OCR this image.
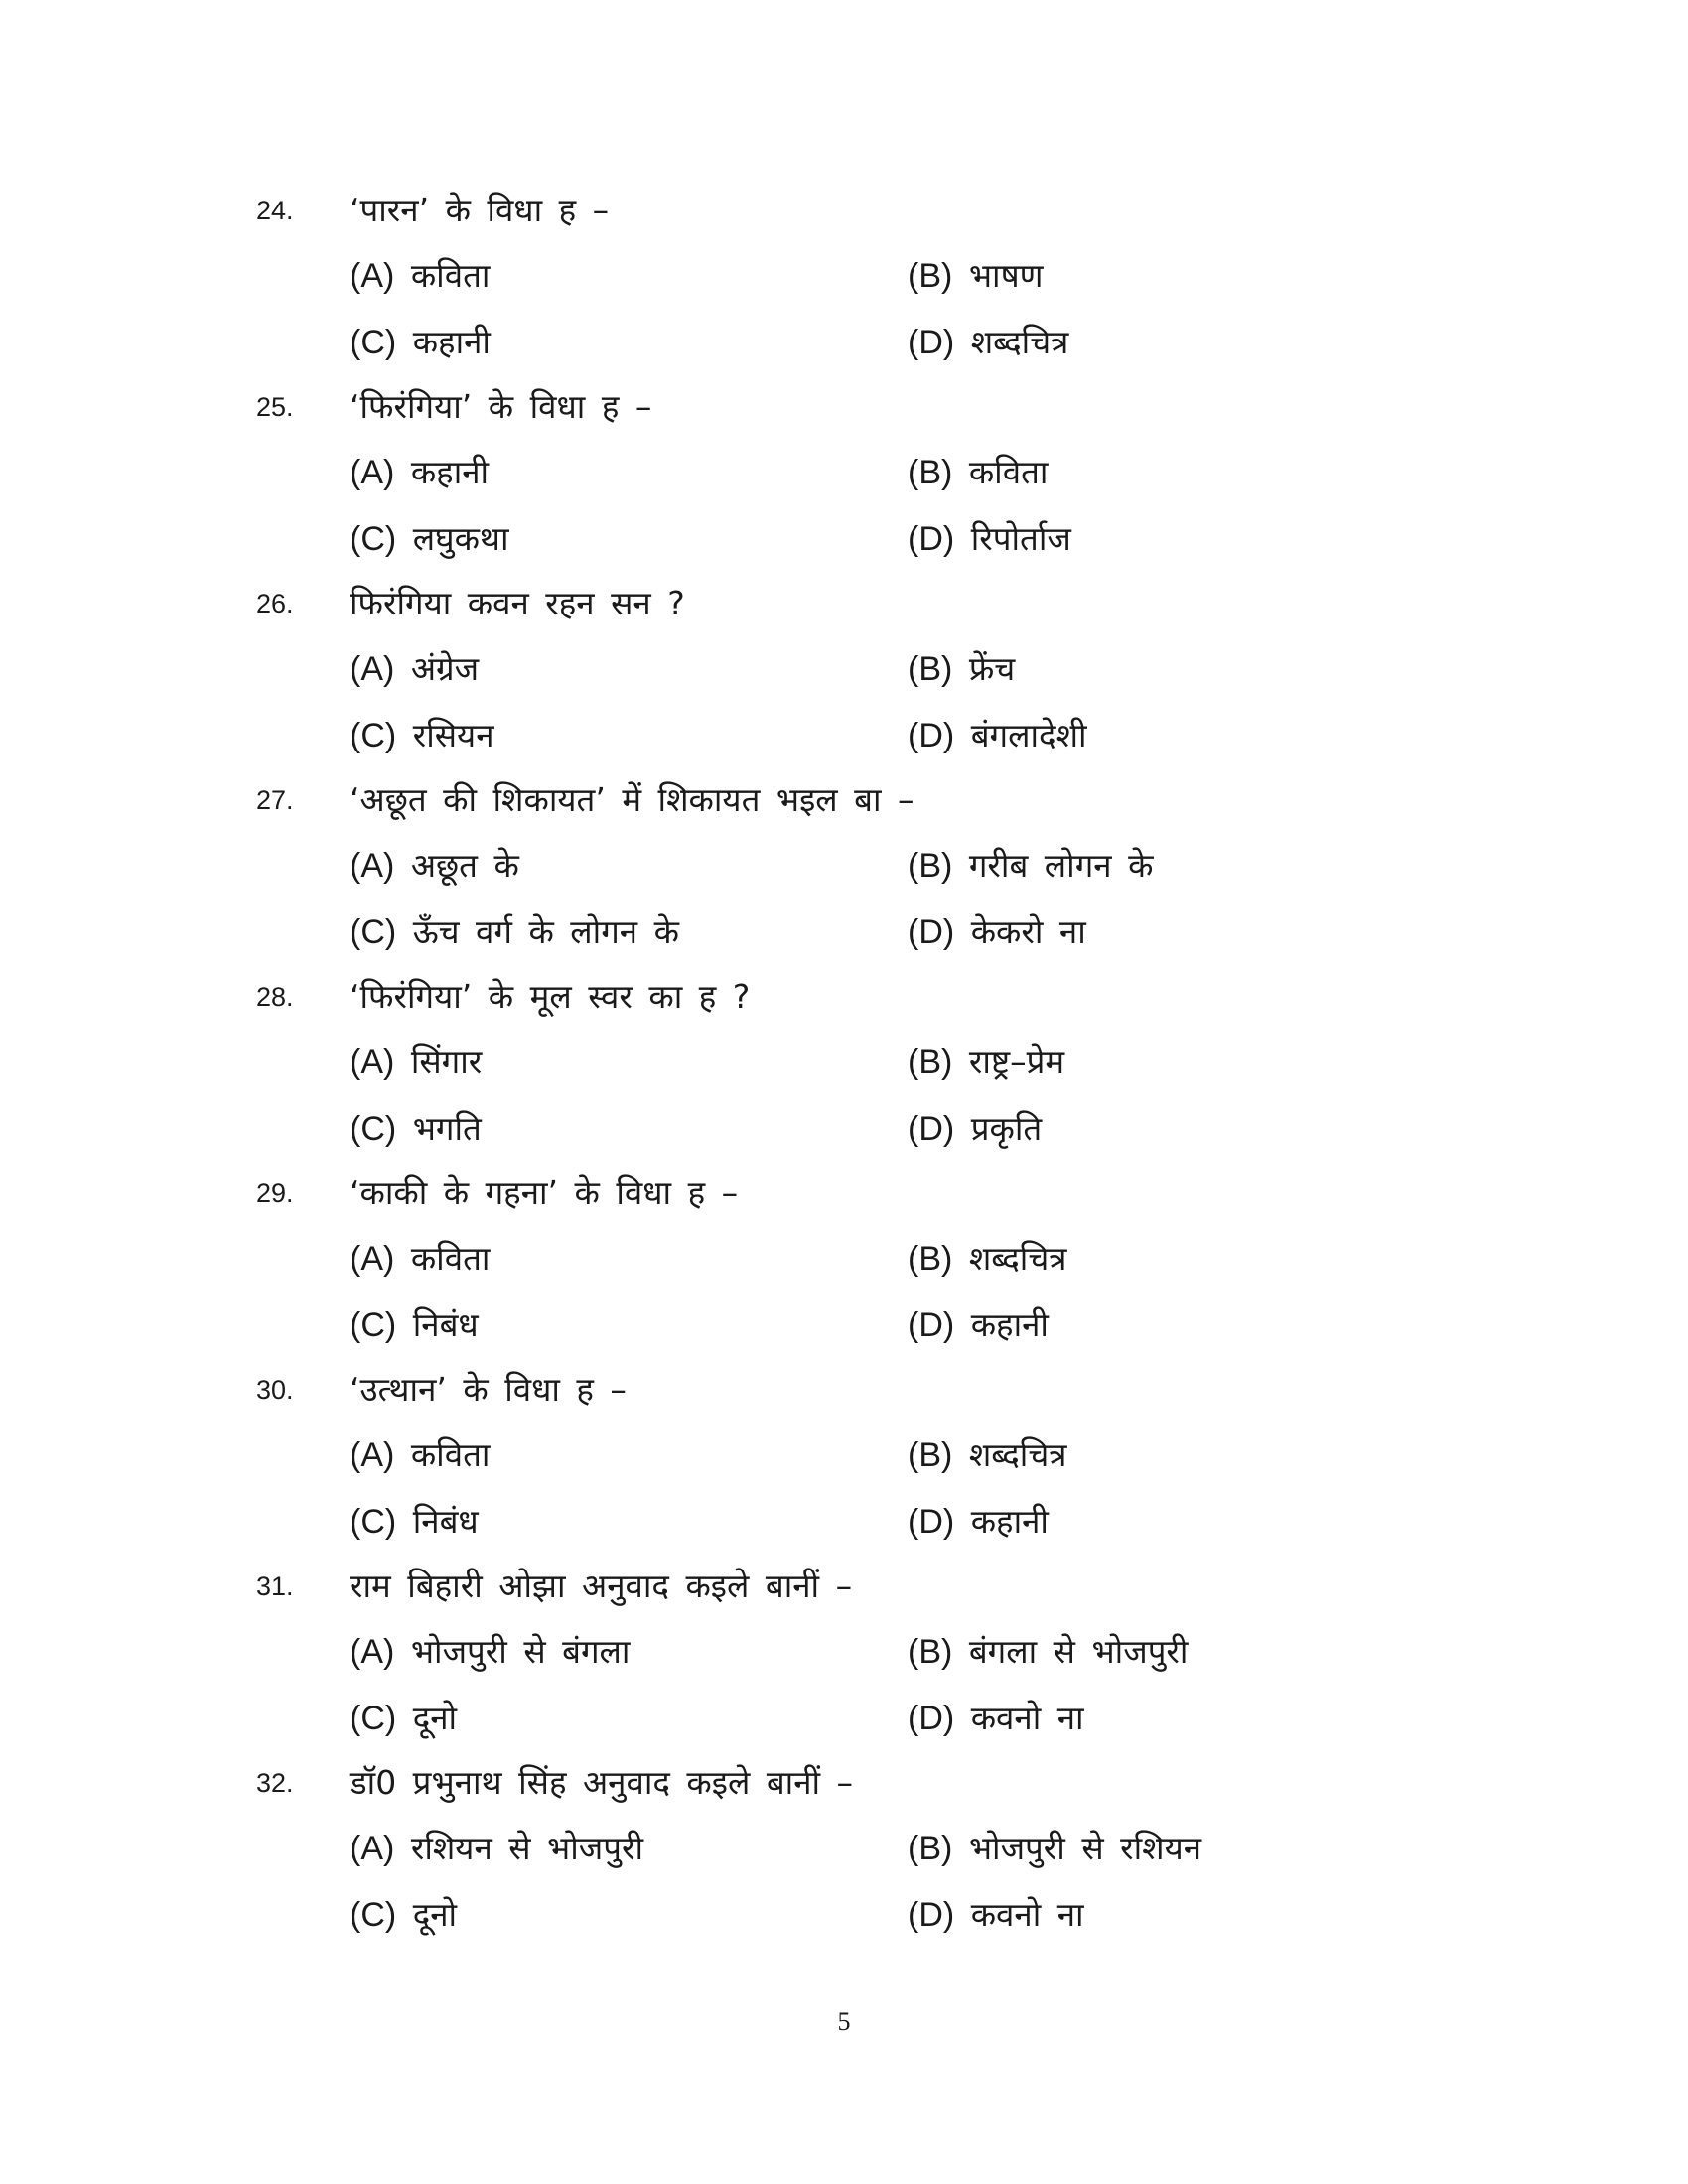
24. ‘पारन’ के विधा ह –
(A) कविता	(B) भाषण
(C) कहानी	(D) शब्दचित्र
25. ‘फिरंगिया’ के विधा ह –
(A) कहानी	(B) कविता
(C) लघुकथा	(D) रिपोर्ताज
26. फिरंगिया कवन रहन सन ?
(A) अंग्रेज	(B) फ्रेंच
(C) रसियन	(D) बंगलादेशी
27. ‘अछूत की शिकायत’ में शिकायत भइल बा –
(A) अछूत के	(B) गरीब लोगन के
(C) ऊँच वर्ग के लोगन के	(D) केकरो ना
28. ‘फिरंगिया’ के मूल स्वर का ह ?
(A) सिंगार	(B) राष्ट्र–प्रेम
(C) भगति	(D) प्रकृति
29. ‘काकी के गहना’ के विधा ह –
(A) कविता	(B) शब्दचित्र
(C) निबंध	(D) कहानी
30. ‘उत्थान’ के विधा ह –
(A) कविता	(B) शब्दचित्र
(C) निबंध	(D) कहानी
31. राम बिहारी ओझा अनुवाद कइले बानीं –
(A) भोजपुरी से बंगला	(B) बंगला से भोजपुरी
(C) दूनो	(D) कवनो ना
32. डॉ0 प्रभुनाथ सिंह अनुवाद कइले बानीं –
(A) रशियन से भोजपुरी	(B) भोजपुरी से रशियन
(C) दूनो	(D) कवनो ना
5
